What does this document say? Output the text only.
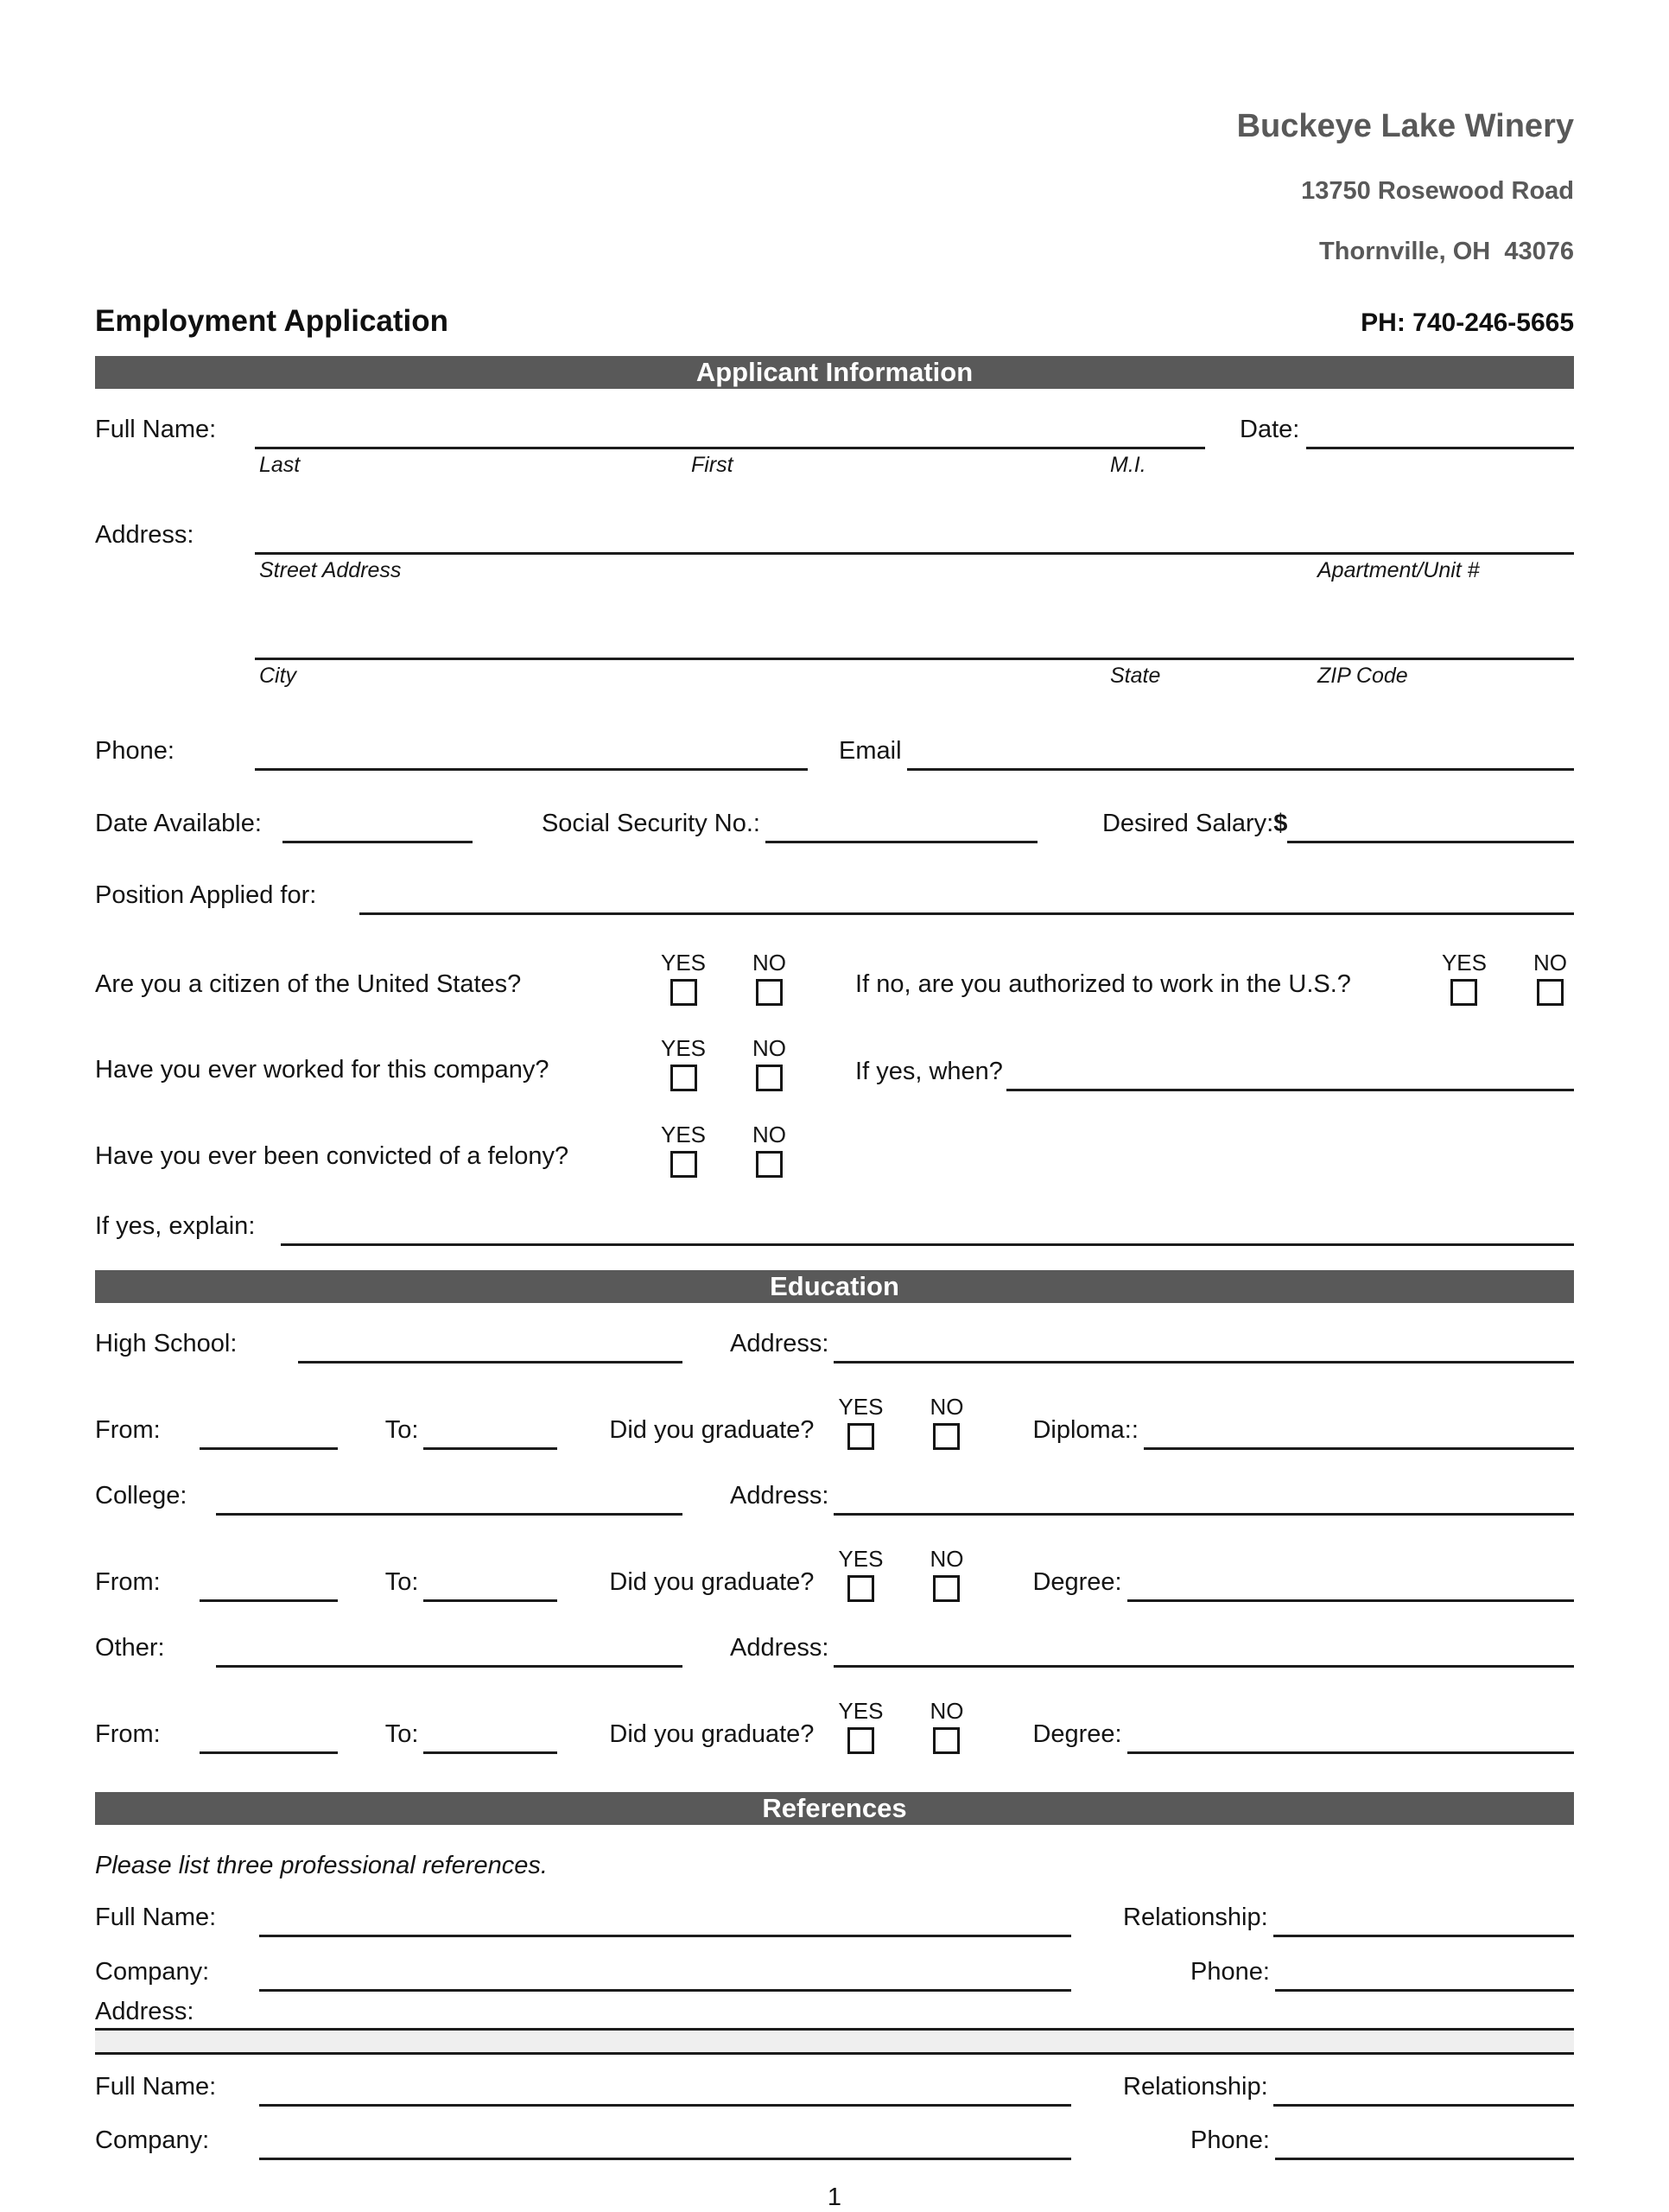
Buckeye Lake Winery

13750 Rosewood Road

Thornville, OH  43076

Employment Application	PH: 740-246-5665
Applicant Information
Full Name:	Date:
Last	First	M.I.
Address:
Street Address	Apartment/Unit #
City	State	ZIP Code
Phone:	Email
Date Available:	Social Security No.:	Desired Salary: $
Position Applied for:
Are you a citizen of the United States?
YES NO
If no, are you authorized to work in the U.S.?
YES NO
Have you ever worked for this company?
YES NO
If yes, when?
Have you ever been convicted of a felony?
YES NO
If yes, explain:
Education
High School:	Address:
From:	To:	Did you graduate?
YES NO
Diploma::
College:	Address:
From:	To:	Did you graduate?
YES NO
Degree:
Other:	Address:
From:	To:	Did you graduate?
YES NO
Degree:
References
Please list three professional references.
Full Name:	Relationship:
Company:	Phone:
Address:
Full Name:	Relationship:
Company:	Phone:
1
